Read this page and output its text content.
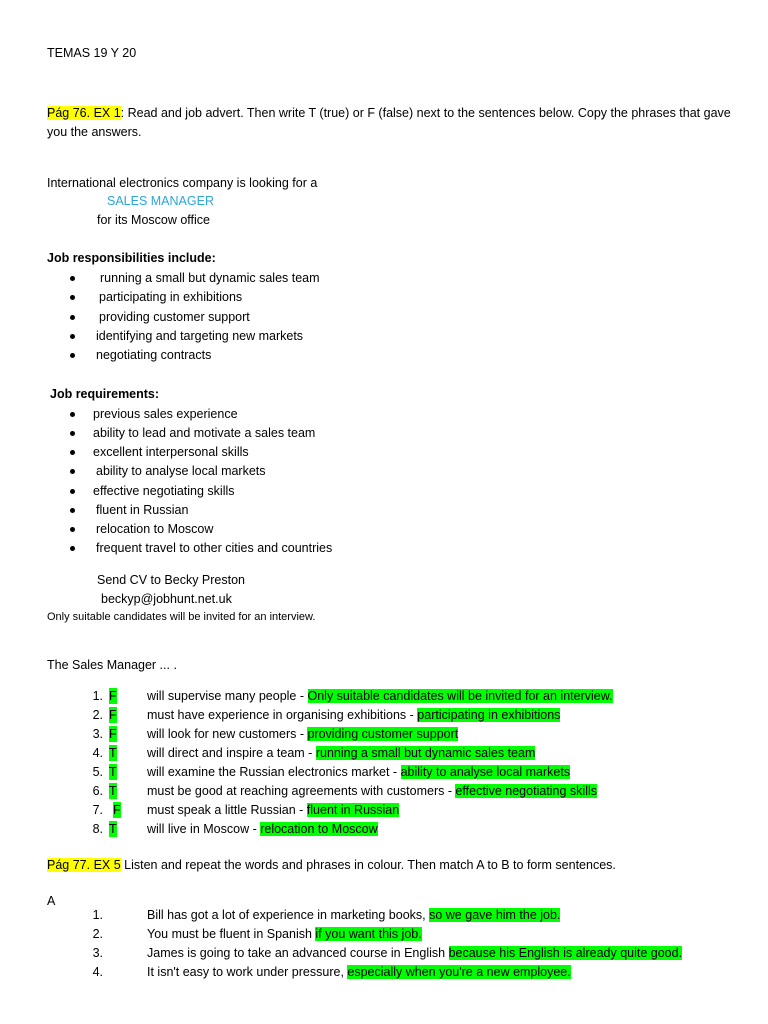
TEMAS 19 Y 20
Pág 76. EX 1: Read and job advert. Then write T (true) or F (false) next to the sentences below. Copy the phrases that gave you the answers.
International electronics company is looking for a
SALES MANAGER
for its Moscow office
Job responsibilities include:
running a small but dynamic sales team
participating in exhibitions
providing customer support
identifying and targeting new markets
negotiating contracts
Job requirements:
previous sales experience
ability to lead and motivate a sales team
excellent interpersonal skills
ability to analyse local markets
effective negotiating skills
fluent in Russian
relocation to Moscow
frequent travel to other cities and countries
Send CV to Becky Preston
beckyp@jobhunt.net.uk
Only suitable candidates will be invited for an interview.
The Sales Manager ... .
1. F will supervise many people - Only suitable candidates will be invited for an interview.
2. F must have experience in organising exhibitions - participating in exhibitions
3. F will look for new customers - providing customer support
4. T will direct and inspire a team - running a small but dynamic sales team
5. T will examine the Russian electronics market - ability to analyse local markets
6. T must be good at reaching agreements with customers - effective negotiating skills
7. F must speak a little Russian - fluent in Russian
8. T will live in Moscow - relocation to Moscow
Pág 77. EX 5 Listen and repeat the words and phrases in colour. Then match A to B to form sentences.
A
1.	Bill has got a lot of experience in marketing books, so we gave him the job.
2.	You must be fluent in Spanish if you want this job.
3.	James is going to take an advanced course in English because his English is already quite good.
4.	It isn't easy to work under pressure, especially when you're a new employee.
